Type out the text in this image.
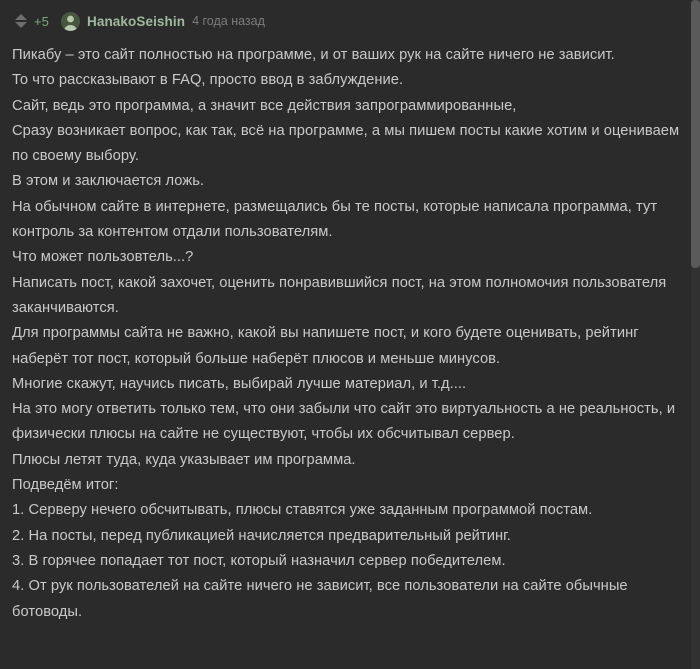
+5	HanakoSeishin 4 года назад

Пикабу – это сайт полностью на программе, и от ваших рук на сайте ничего не зависит.

То что рассказывают в FAQ, просто ввод в заблуждение.

Сайт, ведь это программа, а значит все действия запрограммированные,

Сразу возникает вопрос, как так, всё на программе, а мы пишем посты какие хотим и оцениваем по своему выбору.

В этом и заключается ложь.

На обычном сайте в интернете, размещались бы те посты, которые написала программа, тут контроль за контентом отдали пользователям.

Что может пользовтель...?

Написать пост, какой захочет, оценить понравившийся пост, на этом полномочия пользователя заканчиваются.

Для программы сайта не важно, какой вы напишете пост, и кого будете оценивать, рейтинг наберёт тот пост, который больше наберёт плюсов и меньше минусов.

Многие скажут, научись писать, выбирай лучше материал, и т.д....

На это могу ответить только тем, что они забыли что сайт это виртуальность а не реальность, и физически плюсы на сайте не существуют, чтобы их обсчитывал сервер.

Плюсы летят туда, куда указывает им программа.

Подведём итог:

1. Серверу нечего обсчитывать, плюсы ставятся уже заданным программой постам.

2. На посты, перед публикацией начисляется предварительный рейтинг.

3. В горячее попадает тот пост, который назначил сервер победителем.

4. От рук пользователей на сайте ничего не зависит, все пользователи на сайте обычные ботоводы.
